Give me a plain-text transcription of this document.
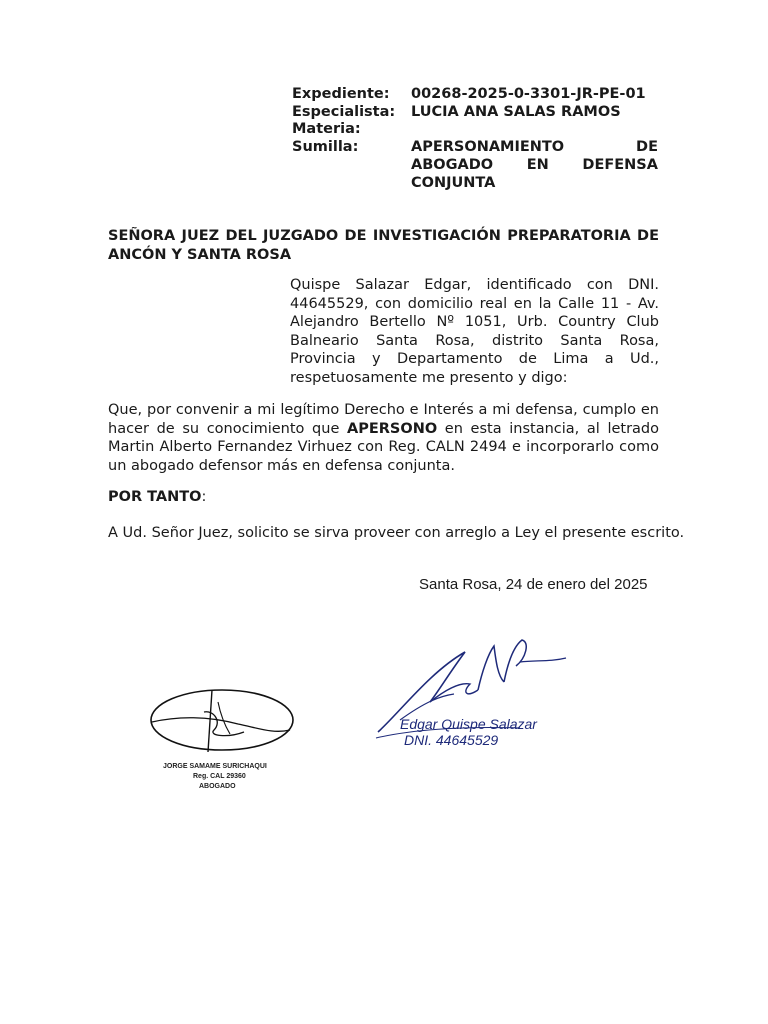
Expediente: 00268-2025-0-3301-JR-PE-01
Especialista: LUCIA ANA SALAS RAMOS
Materia:
Sumilla:	APERSONAMIENTO	DE
ABOGADO EN DEFENSA
CONJUNTA
SEÑORA JUEZ DEL JUZGADO DE INVESTIGACIÓN PREPARATORIA DE
ANCÓN Y SANTA ROSA
Quispe Salazar Edgar, identificado con DNI. 44645529, con domicilio real en la Calle 11 - Av. Alejandro Bertello Nº 1051, Urb. Country Club Balneario Santa Rosa, distrito Santa Rosa, Provincia y Departamento de Lima a Ud., respetuosamente me presento y digo:
Que, por convenir a mi legítimo Derecho e Interés a mi defensa, cumplo en hacer de su conocimiento que APERSONO en esta instancia, al letrado Martin Alberto Fernandez Virhuez con Reg. CALN 2494 e incorporarlo como un abogado defensor más en defensa conjunta.
POR TANTO:
A Ud. Señor Juez, solicito se sirva proveer con arreglo a Ley el presente escrito.
Santa Rosa, 24 de enero del 2025
JORGE SAMAME SURICHAQUI
Reg. CAL 29360
ABOGADO
Edgar Quispe Salazar
DNI. 44645529
